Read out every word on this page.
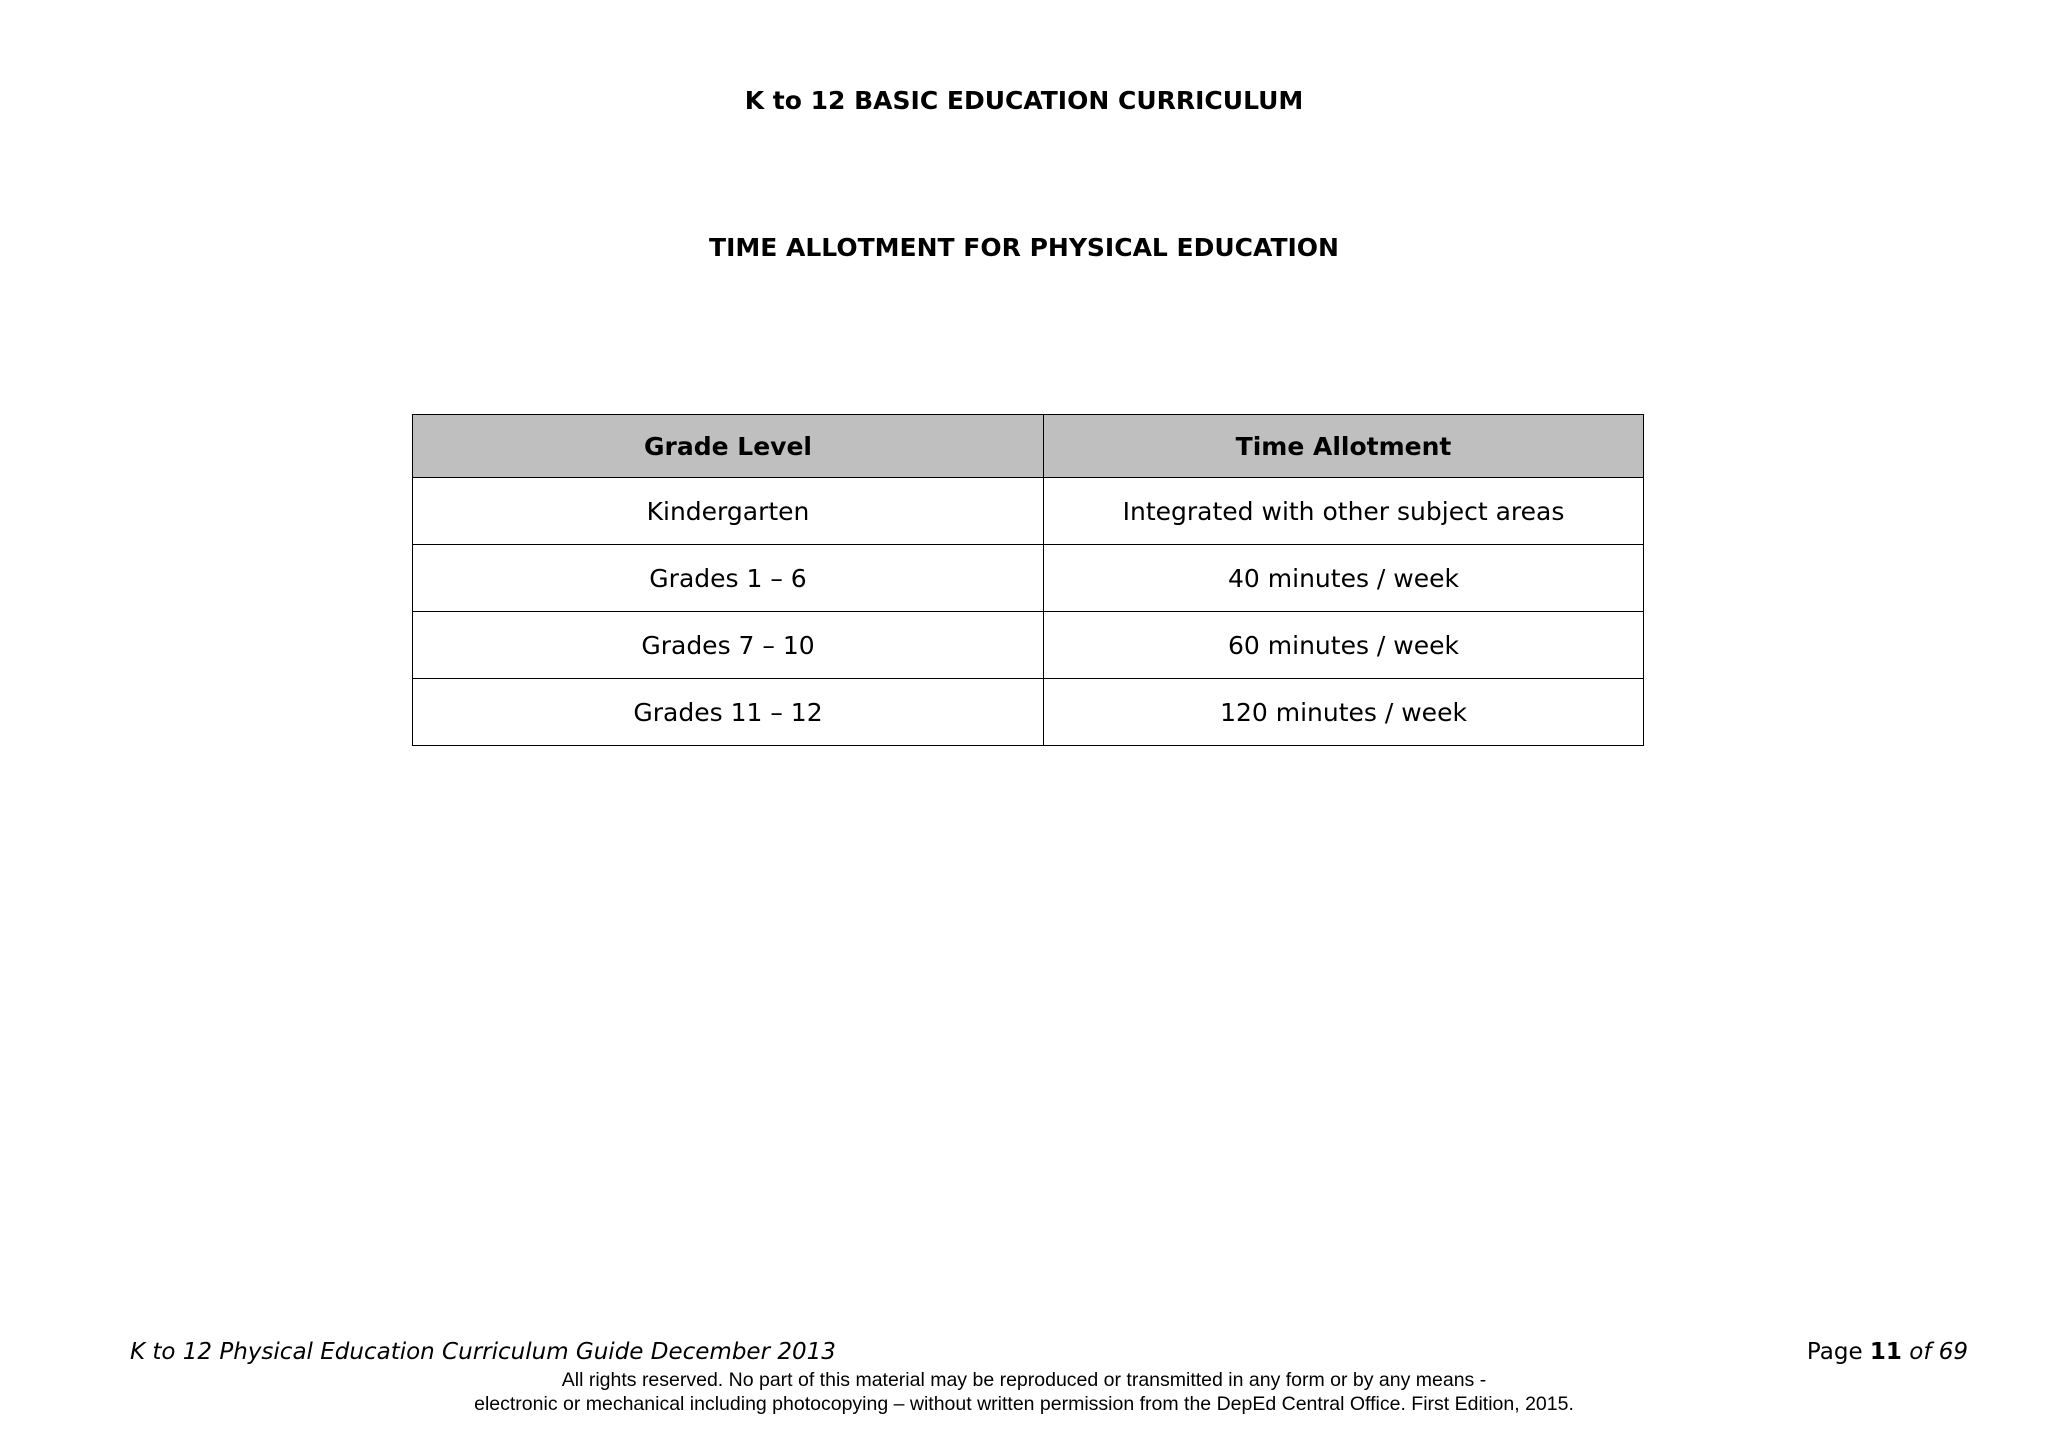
K to 12 BASIC EDUCATION CURRICULUM
TIME ALLOTMENT FOR PHYSICAL EDUCATION
Grade Level	Time Allotment
Kindergarten	Integrated with other subject areas
Grades 1 – 6	40 minutes / week
Grades 7 – 10	60 minutes / week
Grades 11 – 12	120 minutes / week
K to 12 Physical Education Curriculum Guide December 2013	Page 11 of 69
All rights reserved. No part of this material may be reproduced or transmitted in any form or by any means -
electronic or mechanical including photocopying – without written permission from the DepEd Central Office. First Edition, 2015.
